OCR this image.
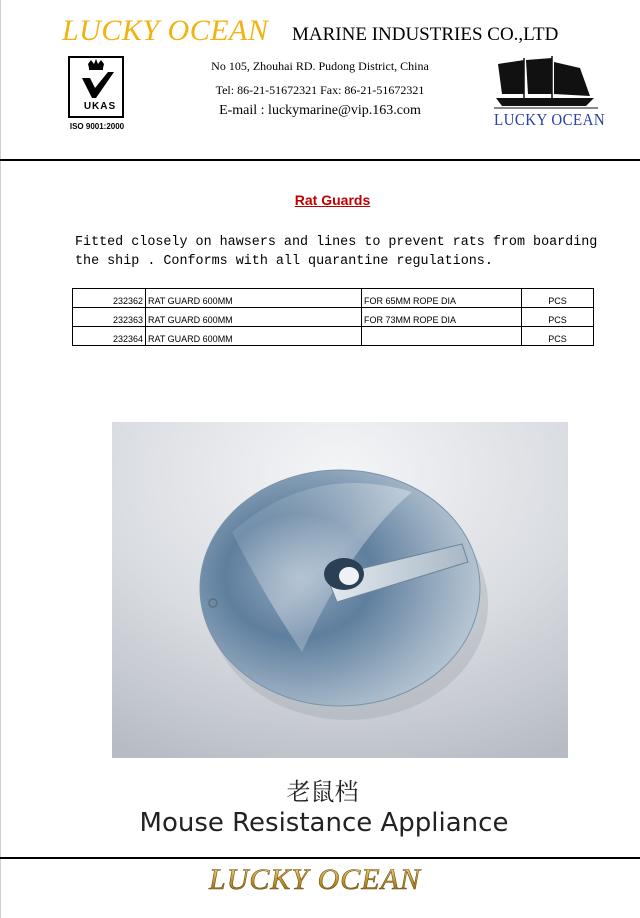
LUCKY OCEAN MARINE INDUSTRIES CO.,LTD
UKAS
ISO 9001:2000
No 105, Zhouhai RD. Pudong District, China
Tel: 86-21-51672321 Fax: 86-21-51672321
E-mail : luckymarine@vip.163.com	LUCKY OCEAN
Rat Guards
Fitted closely on hawsers and lines to prevent rats from boarding
the ship . Conforms with all quarantine regulations.
232362	RAT GUARD 600MM	FOR 65MM ROPE DIA	PCS
232363	RAT GUARD 600MM	FOR 73MM ROPE DIA	PCS
232364	RAT GUARD 600MM		PCS
老鼠档
Mouse Resistance Appliance
LUCKY OCEAN
